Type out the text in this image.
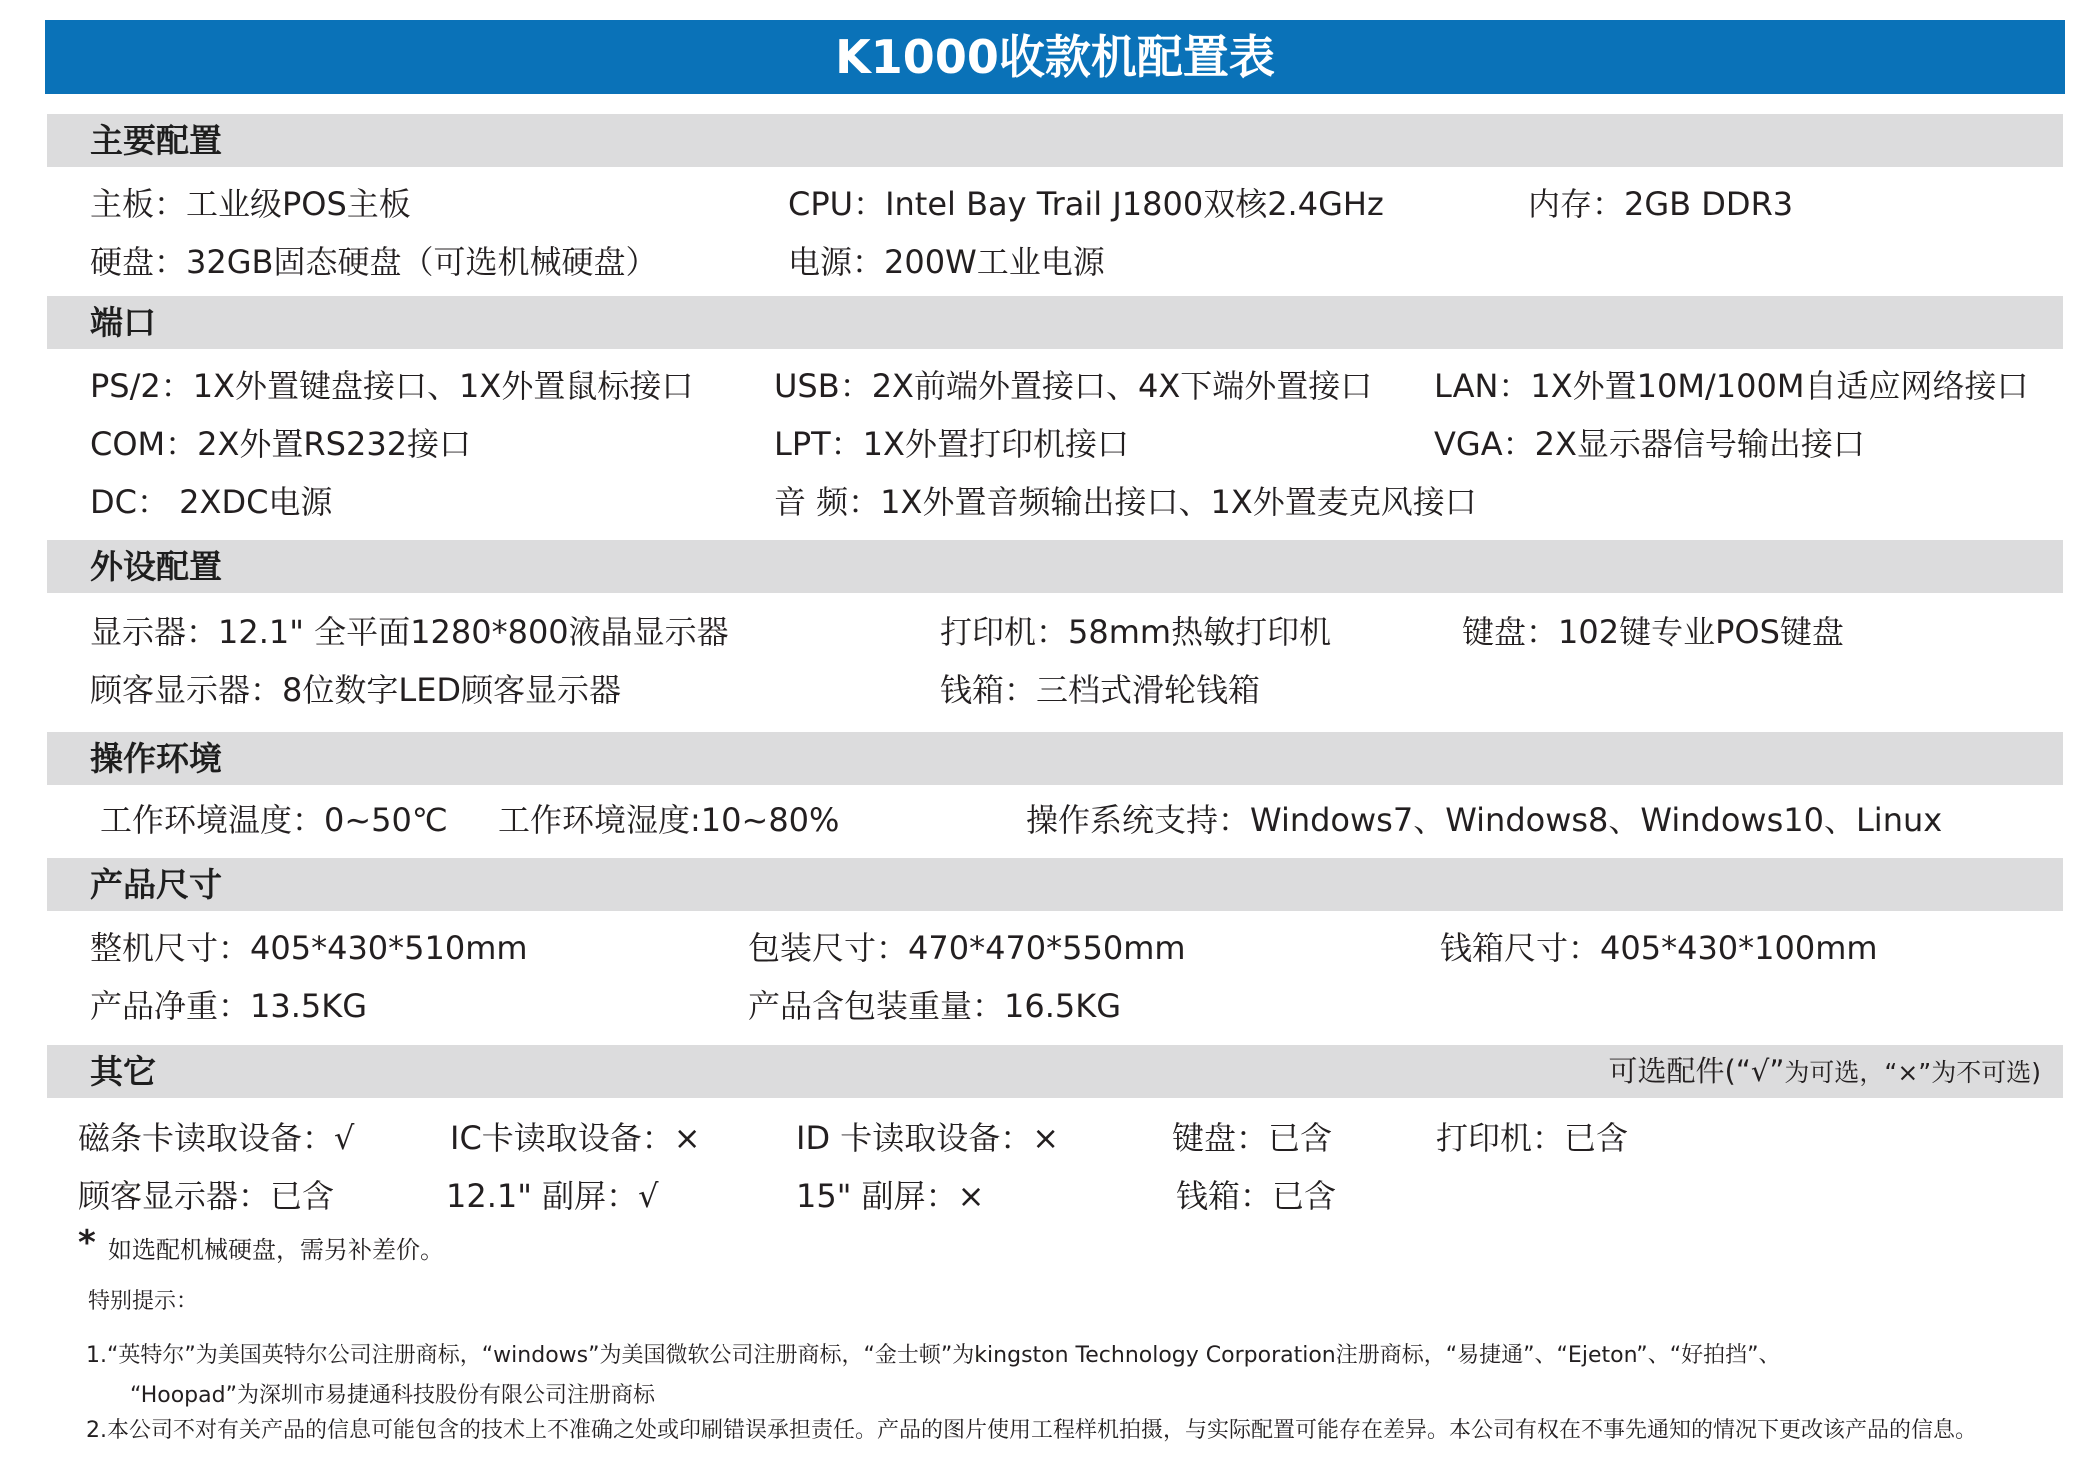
K1000收款机配置表
主要配置
主板：工业级POS主板	CPU：Intel Bay Trail J1800双核2.4GHz	内存：2GB DDR3
硬盘：32GB固态硬盘（可选机械硬盘）	电源：200W工业电源
端口
PS/2：1X外置键盘接口、1X外置鼠标接口	USB：2X前端外置接口、4X下端外置接口 LAN：1X外置10M/100M自适应网络接口
COM：2X外置RS232接口	LPT：1X外置打印机接口	VGA：2X显示器信号输出接口
DC： 2XDC电源	音 频：1X外置音频输出接口、1X外置麦克风接口
外设配置
显示器：12.1" 全平面1280*800液晶显示器	打印机：58mm热敏打印机	键盘：102键专业POS键盘
顾客显示器：8位数字LED顾客显示器	钱箱：三档式滑轮钱箱
操作环境
工作环境温度：0~50℃ 工作环境湿度:10~80%	操作系统支持：Windows7、Windows8、Windows10、Linux
产品尺寸
整机尺寸：405*430*510mm	包装尺寸：470*470*550mm	钱箱尺寸：405*430*100mm
产品净重：13.5KG	产品含包装重量：16.5KG
其它	可选配件(“√”为可选，“×”为不可选)
磁条卡读取设备：√	IC卡读取设备：×	ID 卡读取设备：×	键盘：已含	打印机：已含
顾客显示器：已含	12.1" 副屏：√	15" 副屏：×	钱箱：已含
* 如选配机械硬盘，需另补差价。
特别提示：
1.“英特尔”为美国英特尔公司注册商标，“windows”为美国微软公司注册商标，“金士顿”为kingston Technology Corporation注册商标，“易捷通”、“Ejeton”、“好拍挡”、
“Hoopad”为深圳市易捷通科技股份有限公司注册商标
2.本公司不对有关产品的信息可能包含的技术上不准确之处或印刷错误承担责任。产品的图片使用工程样机拍摄，与实际配置可能存在差异。本公司有权在不事先通知的情况下更改该产品的信息。
